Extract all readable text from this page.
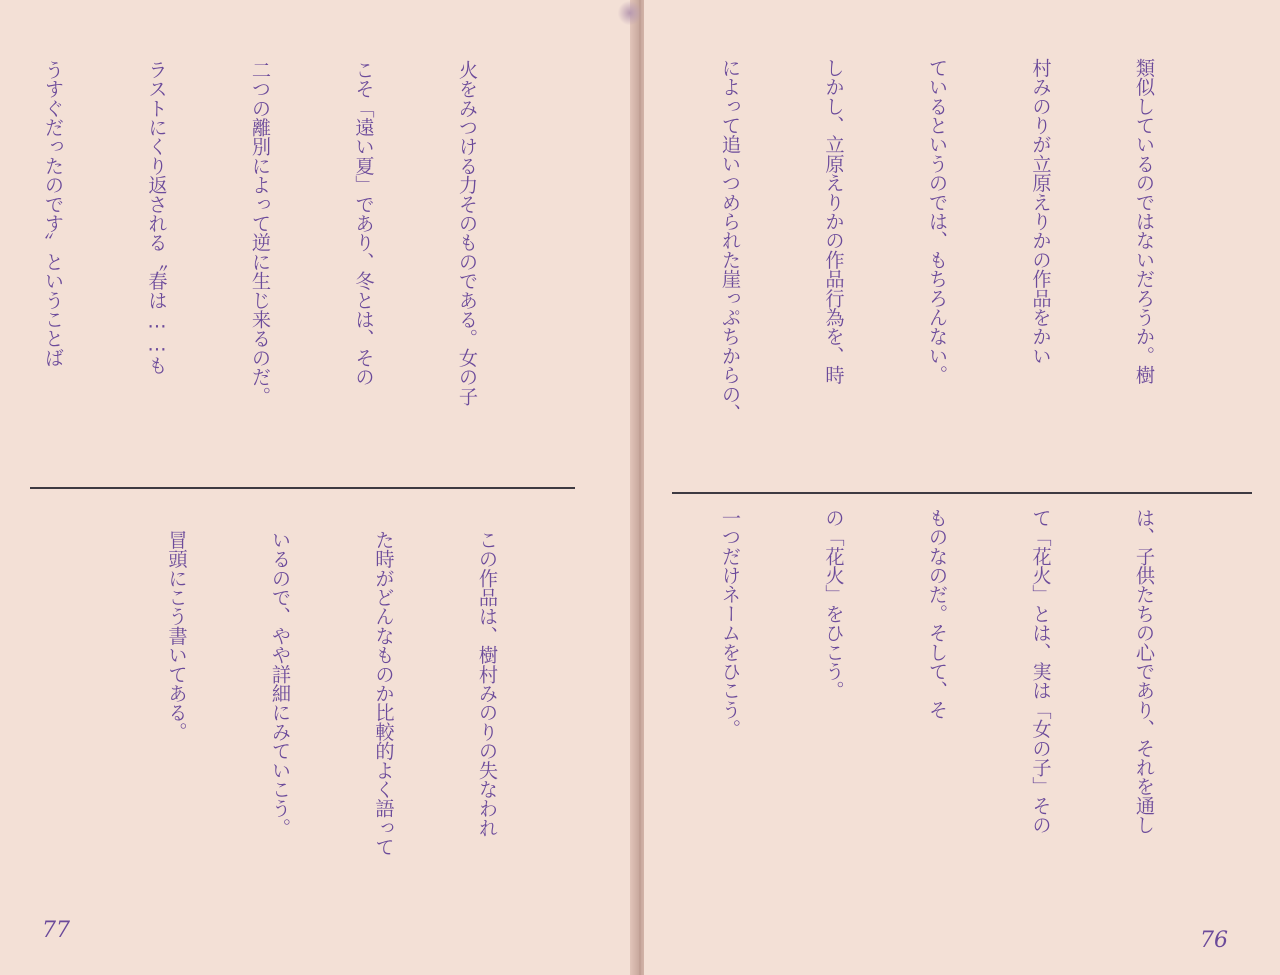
火をみつける力そのものである。女の子

こそ「遠い夏」であり、冬とは、その

二つの離別によって逆に生じ来るのだ。

ラストにくり返される〝春は……も

うすぐだったのです〟ということば

この作品は、樹村みのりの失なわれ

た時がどんなものか比較的よく語って

いるので、やや詳細にみていこう。

冒頭にこう書いてある。

77

類似しているのではないだろうか。樹

村みのりが立原えりかの作品をかい

ているというのでは、もちろんない。

しかし、立原えりかの作品行為を、時

によって追いつめられた崖っぷちからの、

は、子供たちの心であり、それを通し

て「花火」とは、実は「女の子」その

ものなのだ。そして、そ

の「花火」をひこう。

一つだけネームをひこう。

76
